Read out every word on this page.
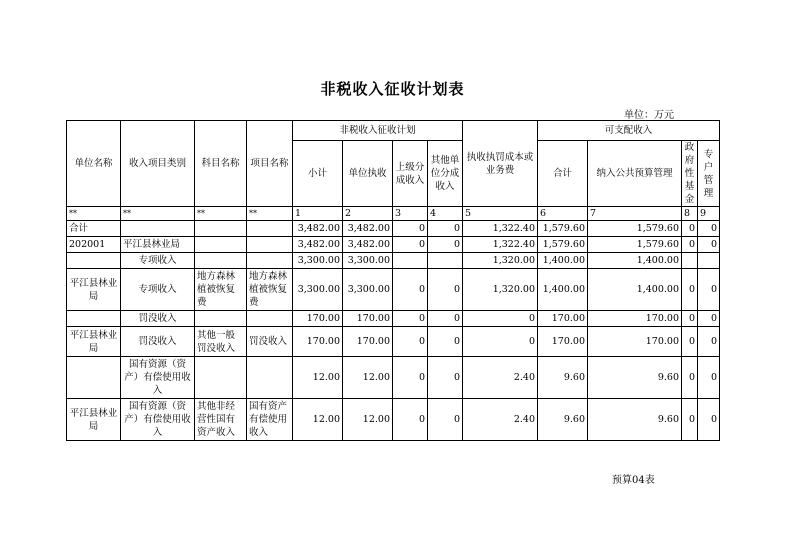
非税收入征收计划表
单位：万元
单位名称	收入项目类别	科目名称	项目名称	非税收入征收计划				执收执罚成本或业务费	可支配收入			
				小计	单位执收	上级分成收入	其他单位分成收入		合计	纳入公共预算管理	政府性基金	专户管理
**	**	**	**	1	2	3	4	5	6	7	8	9
合计				3,482.00	3,482.00	0	0	1,322.40	1,579.60	1,579.60	0	0
202001	平江县林业局			3,482.00	3,482.00	0	0	1,322.40	1,579.60	1,579.60	0	0
	专项收入			3,300.00	3,300.00			1,320.00	1,400.00	1,400.00		
平江县林业局	专项收入	地方森林植被恢复费	地方森林植被恢复费	3,300.00	3,300.00	0	0	1,320.00	1,400.00	1,400.00	0	0
	罚没收入			170.00	170.00	0	0	0	170.00	170.00	0	0
平江县林业局	罚没收入	其他一般罚没收入	罚没收入	170.00	170.00	0	0	0	170.00	170.00	0	0
	国有资源（资产）有偿使用收入			12.00	12.00	0	0	2.40	9.60	9.60	0	0
平江县林业局	国有资源（资产）有偿使用收入	其他非经营性国有资产收入	国有资产有偿使用收入	12.00	12.00	0	0	2.40	9.60	9.60	0	0
预算04表
